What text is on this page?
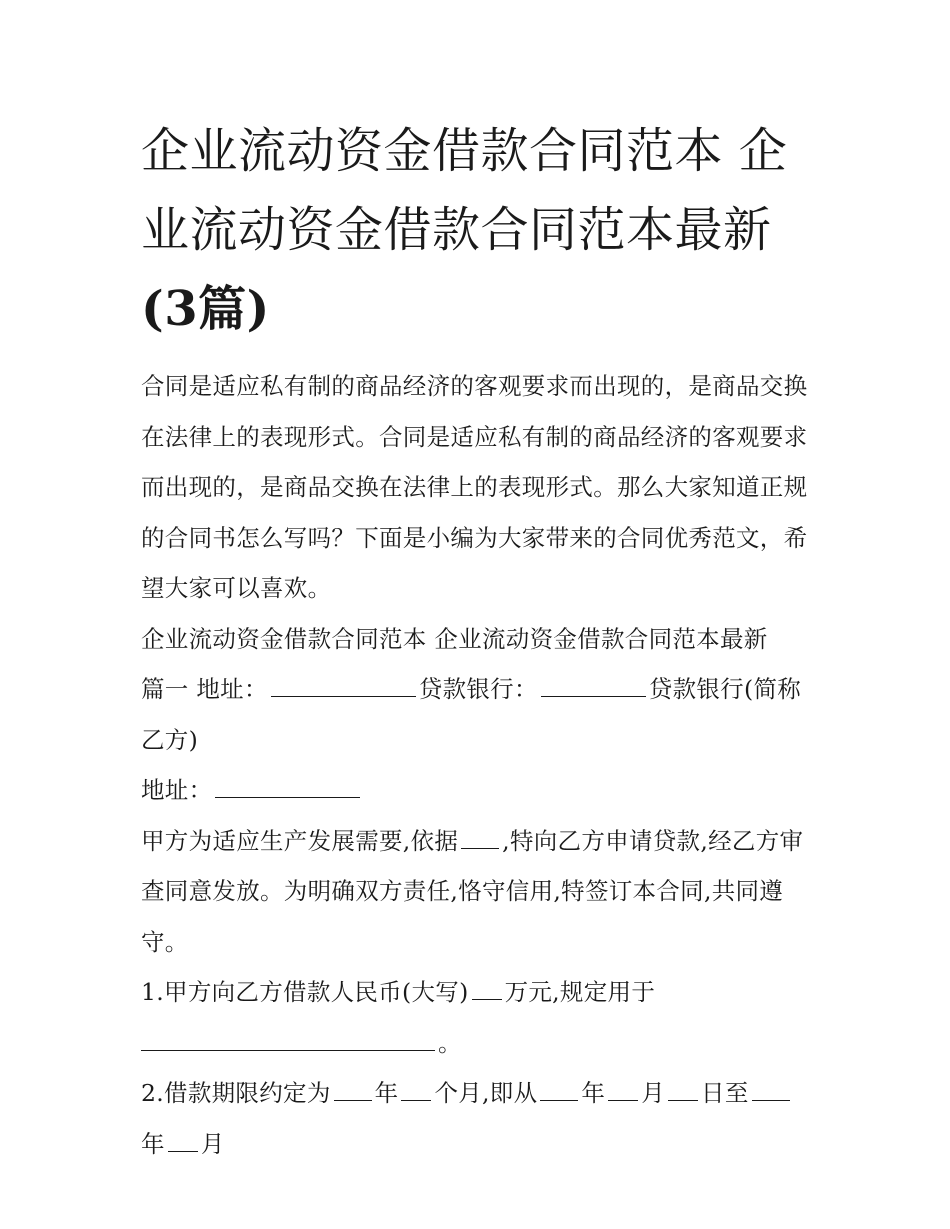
企业流动资金借款合同范本 企业流动资金借款合同范本最新
(3篇)

合同是适应私有制的商品经济的客观要求而出现的，是商品交换在法律上的表现形式。合同是适应私有制的商品经济的客观要求而出现的，是商品交换在法律上的表现形式。那么大家知道正规的合同书怎么写吗？下面是小编为大家带来的合同优秀范文，希望大家可以喜欢。

企业流动资金借款合同范本 企业流动资金借款合同范本最新

篇一 地址：	贷款银行：	贷款银行(简称乙方)

地址：

甲方为适应生产发展需要,依据 ,特向乙方申请贷款,经乙方审查同意发放。为明确双方责任,恪守信用,特签订本合同,共同遵守。

1.甲方向乙方借款人民币(大写) 万元,规定用于
。

2.借款期限约定为 年 个月,即从 年 月 日至年 月
